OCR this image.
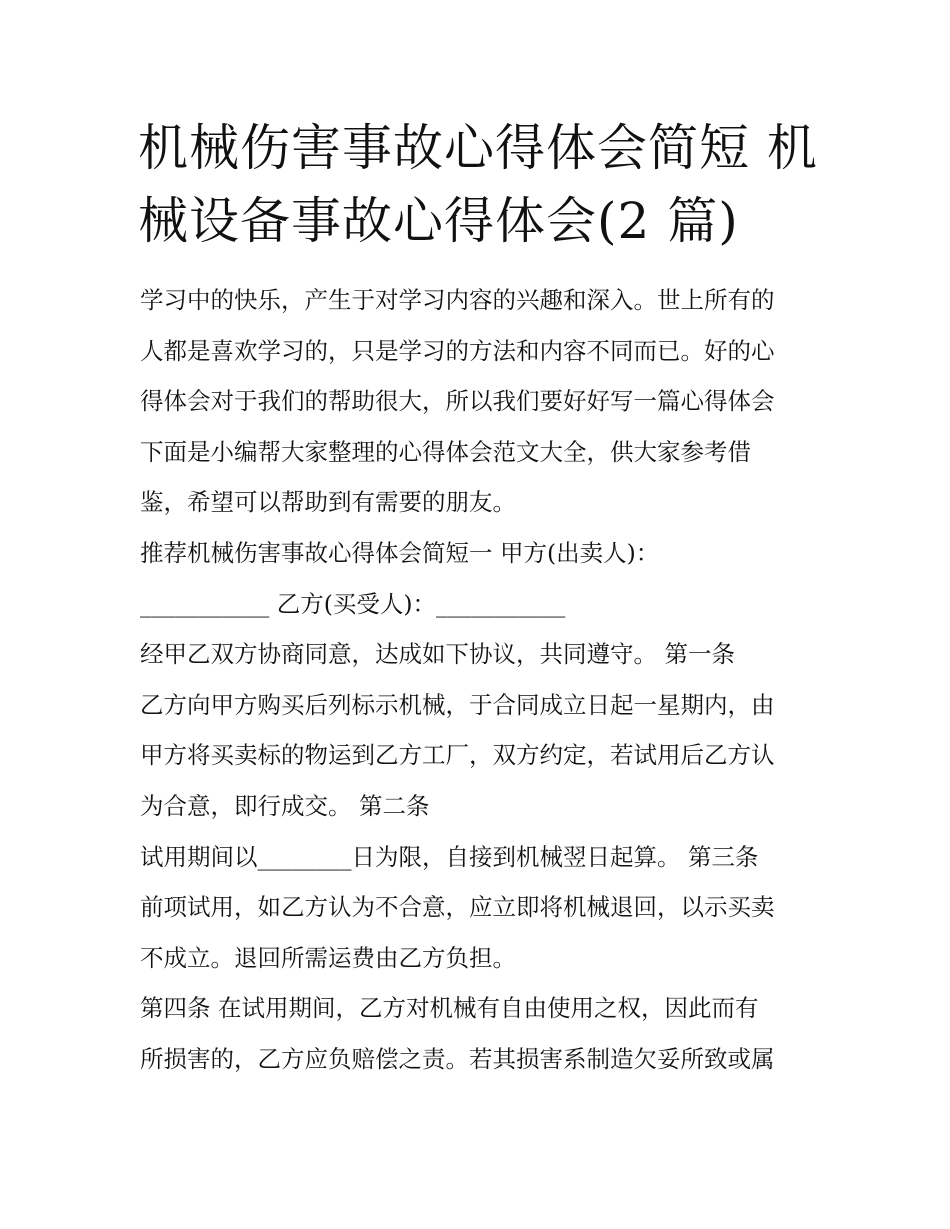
机械伤害事故心得体会简短 机
械设备事故心得体会(2 篇)
学习中的快乐，产生于对学习内容的兴趣和深入。世上所有的
人都是喜欢学习的，只是学习的方法和内容不同而已。好的心
得体会对于我们的帮助很大，所以我们要好好写一篇心得体会
下面是小编帮大家整理的心得体会范文大全，供大家参考借
鉴，希望可以帮助到有需要的朋友。
推荐机械伤害事故心得体会简短一 甲方(出卖人)：
___________ 乙方(买受人)：___________
经甲乙双方协商同意，达成如下协议，共同遵守。 第一条
乙方向甲方购买后列标示机械，于合同成立日起一星期内，由
甲方将买卖标的物运到乙方工厂，双方约定，若试用后乙方认
为合意，即行成交。 第二条
试用期间以________日为限，自接到机械翌日起算。 第三条
前项试用，如乙方认为不合意，应立即将机械退回，以示买卖
不成立。退回所需运费由乙方负担。
第四条 在试用期间，乙方对机械有自由使用之权，因此而有
所损害的，乙方应负赔偿之责。若其损害系制造欠妥所致或属
